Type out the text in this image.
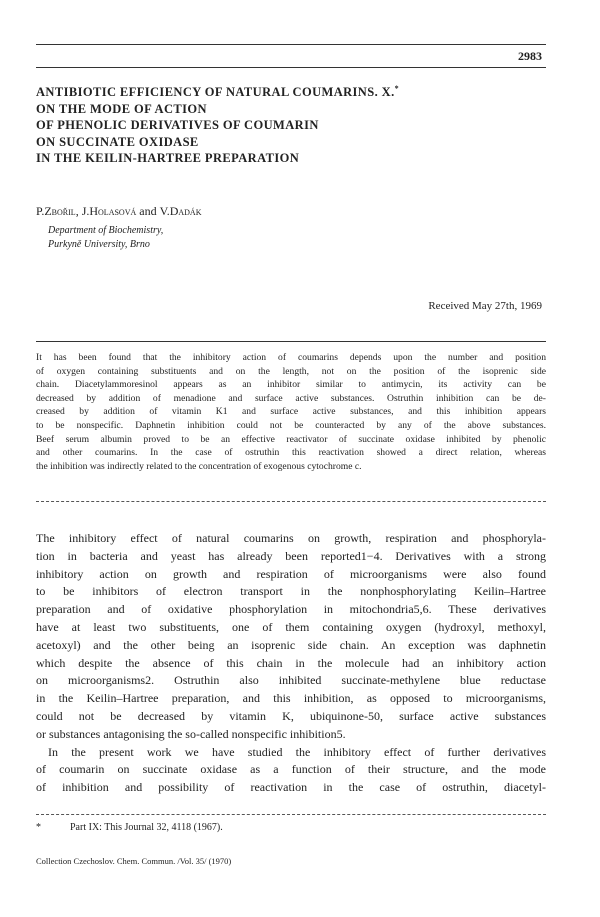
2983
ANTIBIOTIC EFFICIENCY OF NATURAL COUMARINS. X.*
ON THE MODE OF ACTION
OF PHENOLIC DERIVATIVES OF COUMARIN
ON SUCCINATE OXIDASE
IN THE KEILIN-HARTREE PREPARATION
P.Zbořil, J.Holasová and V.Dadák
Department of Biochemistry,
Purkyně University, Brno
Received May 27th, 1969
It has been found that the inhibitory action of coumarins depends upon the number and position
of oxygen containing substituents and on the length, not on the position of the isoprenic side
chain. Diacetylammoresinol appears as an inhibitor similar to antimycin, its activity can be
decreased by addition of menadione and surface active substances. Ostruthin inhibition can be de-
creased by addition of vitamin K1 and surface active substances, and this inhibition appears
to be nonspecific. Daphnetin inhibition could not be counteracted by any of the above substances.
Beef serum albumin proved to be an effective reactivator of succinate oxidase inhibited by phenolic
and other coumarins. In the case of ostruthin this reactivation showed a direct relation, whereas
the inhibition was indirectly related to the concentration of exogenous cytochrome c.
The inhibitory effect of natural coumarins on growth, respiration and phosphoryla-
tion in bacteria and yeast has already been reported1−4. Derivatives with a strong
inhibitory action on growth and respiration of microorganisms were also found
to be inhibitors of electron transport in the nonphosphorylating Keilin–Hartree
preparation and of oxidative phosphorylation in mitochondria5,6. These derivatives
have at least two substituents, one of them containing oxygen (hydroxyl, methoxyl,
acetoxyl) and the other being an isoprenic side chain. An exception was daphnetin
which despite the absence of this chain in the molecule had an inhibitory action
on microorganisms2. Ostruthin also inhibited succinate-methylene blue reductase
in the Keilin–Hartree preparation, and this inhibition, as opposed to microorganisms,
could not be decreased by vitamin K, ubiquinone-50, surface active substances
or substances antagonising the so-called nonspecific inhibition5.
In the present work we have studied the inhibitory effect of further derivatives
of coumarin on succinate oxidase as a function of their structure, and the mode
of inhibition and possibility of reactivation in the case of ostruthin, diacetyl-
*	Part IX: This Journal 32, 4118 (1967).
Collection Czechoslov. Chem. Commun. /Vol. 35/ (1970)
